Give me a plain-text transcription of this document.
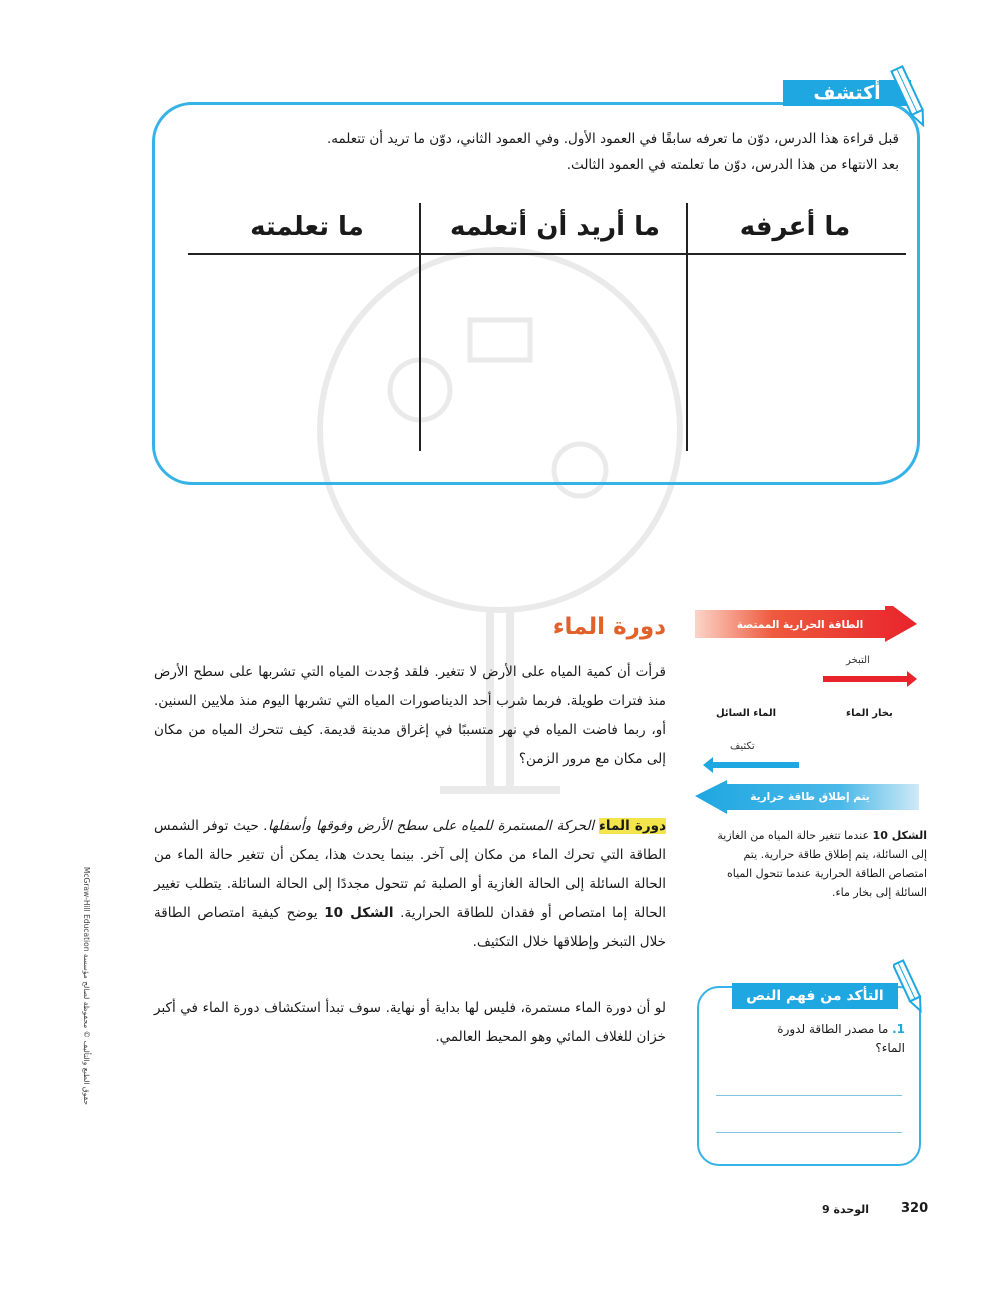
أكتشف
قبل قراءة هذا الدرس، دوّن ما تعرفه سابقًا في العمود الأول. وفي العمود الثاني، دوّن ما تريد أن تتعلمه.
بعد الانتهاء من هذا الدرس، دوّن ما تعلمته في العمود الثالث.
ما أعرفه
ما أريد أن أتعلمه
ما تعلمته
دورة الماء
قرأت أن كمية المياه على الأرض لا تتغير. فلقد وُجدت المياه التي تشربها على سطح الأرض منذ فترات طويلة. فربما شرب أحد الديناصورات المياه التي تشربها اليوم منذ ملايين السنين. أو، ربما فاضت المياه في نهر متسببًا في إغراق مدينة قديمة. كيف تتحرك المياه من مكان إلى مكان مع مرور الزمن؟
دورة الماء الحركة المستمرة للمياه على سطح الأرض وفوقها وأسفلها. حيث توفر الشمس الطاقة التي تحرك الماء من مكان إلى آخر. بينما يحدث هذا، يمكن أن تتغير حالة الماء من الحالة السائلة إلى الحالة الغازية أو الصلبة ثم تتحول مجددًا إلى الحالة السائلة. يتطلب تغيير الحالة إما امتصاص أو فقدان للطاقة الحرارية. الشكل 10 يوضح كيفية امتصاص الطاقة خلال التبخر وإطلاقها خلال التكثيف.
لو أن دورة الماء مستمرة، فليس لها بداية أو نهاية. سوف تبدأ استكشاف دورة الماء في أكبر خزان للغلاف المائي وهو المحيط العالمي.
الطاقة الحرارية الممتصة
يتم إطلاق طاقة حرارية
التبخر
بخار الماء
الماء السائل
تكثيف
الشكل 10 عندما تتغير حالة المياه من الغازية إلى السائلة، يتم إطلاق طاقة حرارية. يتم امتصاص الطاقة الحرارية عندما تتحول المياه السائلة إلى بخار ماء.
التأكد من فهم النص
1. ما مصدر الطاقة لدورة الماء؟
320
الوحدة 9
حقوق الطبع والتأليف © محفوظة لصالح مؤسسة McGraw-Hill Education
